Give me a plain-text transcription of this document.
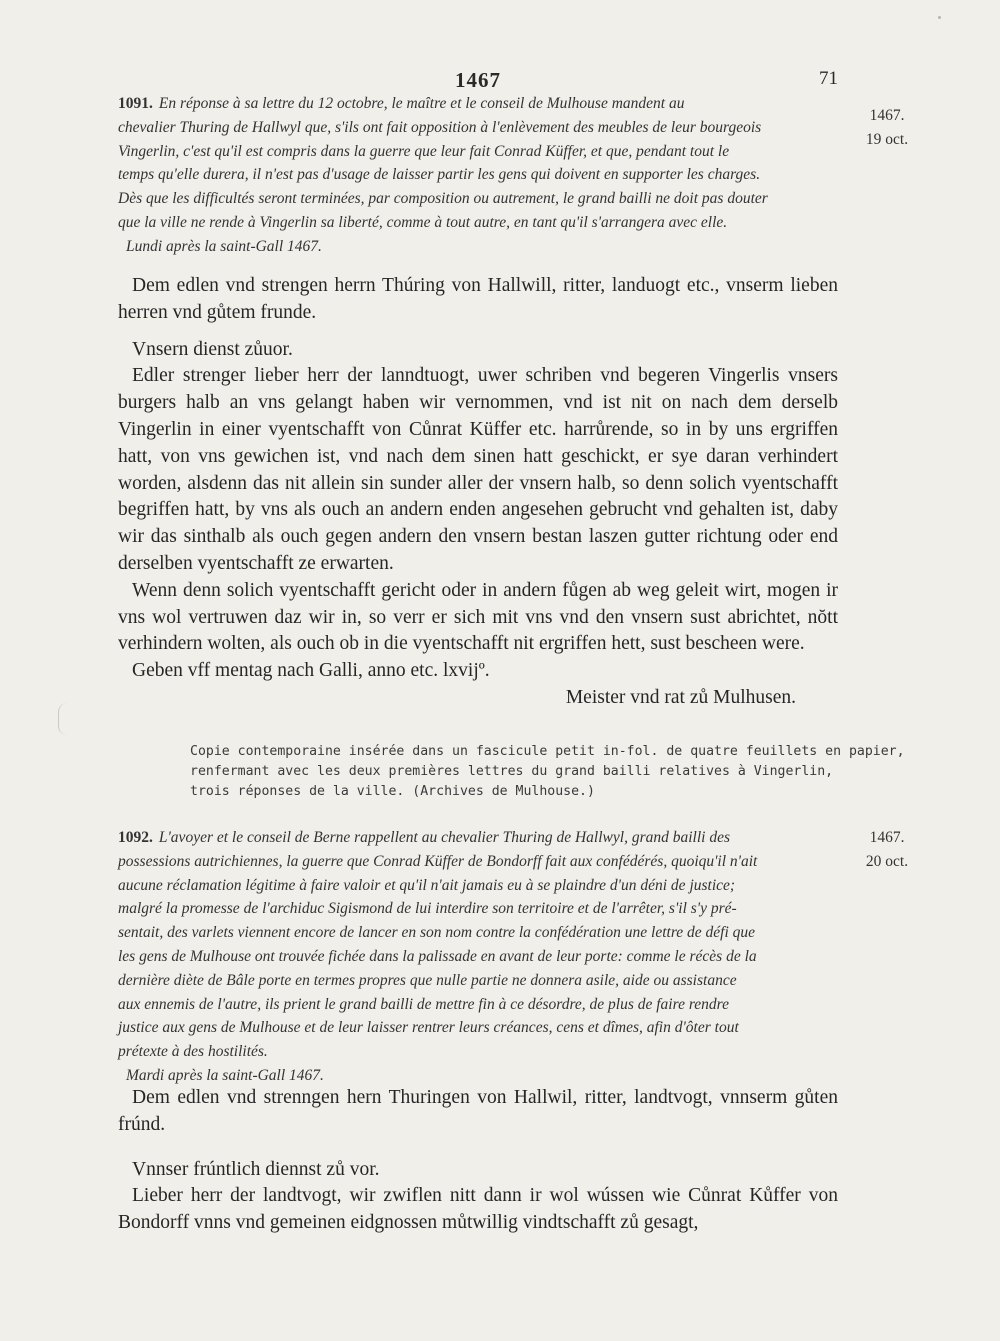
1467	71
1091. En réponse à sa lettre du 12 octobre, le maître et le conseil de Mulhouse mandent au
chevalier Thuring de Hallwyl que, s'ils ont fait opposition à l'enlèvement des meubles de leur bourgeois
Vingerlin, c'est qu'il est compris dans la guerre que leur fait Conrad Küffer, et que, pendant tout le
temps qu'elle durera, il n'est pas d'usage de laisser partir les gens qui doivent en supporter les charges.
Dès que les difficultés seront terminées, par composition ou autrement, le grand bailli ne doit pas douter
que la ville ne rende à Vingerlin sa liberté, comme à tout autre, en tant qu'il s'arrangera avec elle.
Lundi après la saint-Gall 1467.
1467.
19 oct.

Dem edlen vnd strengen herrn Thúring von Hallwill, ritter, landuogt etc., vnserm lieben herren vnd gůtem frunde.

Vnsern dienst zůuor.

Edler strenger lieber herr der lanndtuogt, uwer schriben vnd begeren Vingerlis vnsers burgers halb an vns gelangt haben wir vernommen, vnd ist nit on nach dem derselb Vingerlin in einer vyentschafft von Cůnrat Küffer etc. harrůrende, so in by uns ergriffen hatt, von vns gewichen ist, vnd nach dem sinen hatt geschickt, er sye daran verhindert worden, alsdenn das nit allein sin sunder aller der vnsern halb, so denn solich vyentschafft begriffen hatt, by vns als ouch an andern enden angesehen gebrucht vnd gehalten ist, daby wir das sinthalb als ouch gegen andern den vnsern bestan laszen gutter richtung oder end derselben vyentschafft ze erwarten.

Wenn denn solich vyentschafft gericht oder in andern fůgen ab weg geleit wirt, mogen ir vns wol vertruwen daz wir in, so verr er sich mit vns vnd den vnsern sust abrichtet, nŏtt verhindern wolten, als ouch ob in die vyentschafft nit ergriffen hett, sust bescheen were.

Geben vff mentag nach Galli, anno etc. lxvijº.

Meister vnd rat zů Mulhusen.

Copie contemporaine insérée dans un fascicule petit in-fol. de quatre feuillets en papier,
renfermant avec les deux premières lettres du grand bailli relatives à Vingerlin,
trois réponses de la ville. (Archives de Mulhouse.)
1092. L'avoyer et le conseil de Berne rappellent au chevalier Thuring de Hallwyl, grand bailli des
possessions autrichiennes, la guerre que Conrad Küffer de Bondorff fait aux confédérés, quoiqu'il n'ait
aucune réclamation légitime à faire valoir et qu'il n'ait jamais eu à se plaindre d'un déni de justice;
malgré la promesse de l'archiduc Sigismond de lui interdire son territoire et de l'arrêter, s'il s'y pré-
sentait, des varlets viennent encore de lancer en son nom contre la confédération une lettre de défi que
les gens de Mulhouse ont trouvée fichée dans la palissade en avant de leur porte: comme le récès de la
dernière diète de Bâle porte en termes propres que nulle partie ne donnera asile, aide ou assistance
aux ennemis de l'autre, ils prient le grand bailli de mettre fin à ce désordre, de plus de faire rendre
justice aux gens de Mulhouse et de leur laisser rentrer leurs créances, cens et dîmes, afin d'ôter tout
prétexte à des hostilités.
Mardi après la saint-Gall 1467.
1467.
20 oct.

Dem edlen vnd strenngen hern Thuringen von Hallwil, ritter, landtvogt, vnnserm gůten frúnd.

Vnnser frúntlich diennst zů vor.

Lieber herr der landtvogt, wir zwiflen nitt dann ir wol wússen wie Cůnrat Kůffer von Bondorff vnns vnd gemeinen eidgnossen můtwillig vindtschafft zů gesagt,
